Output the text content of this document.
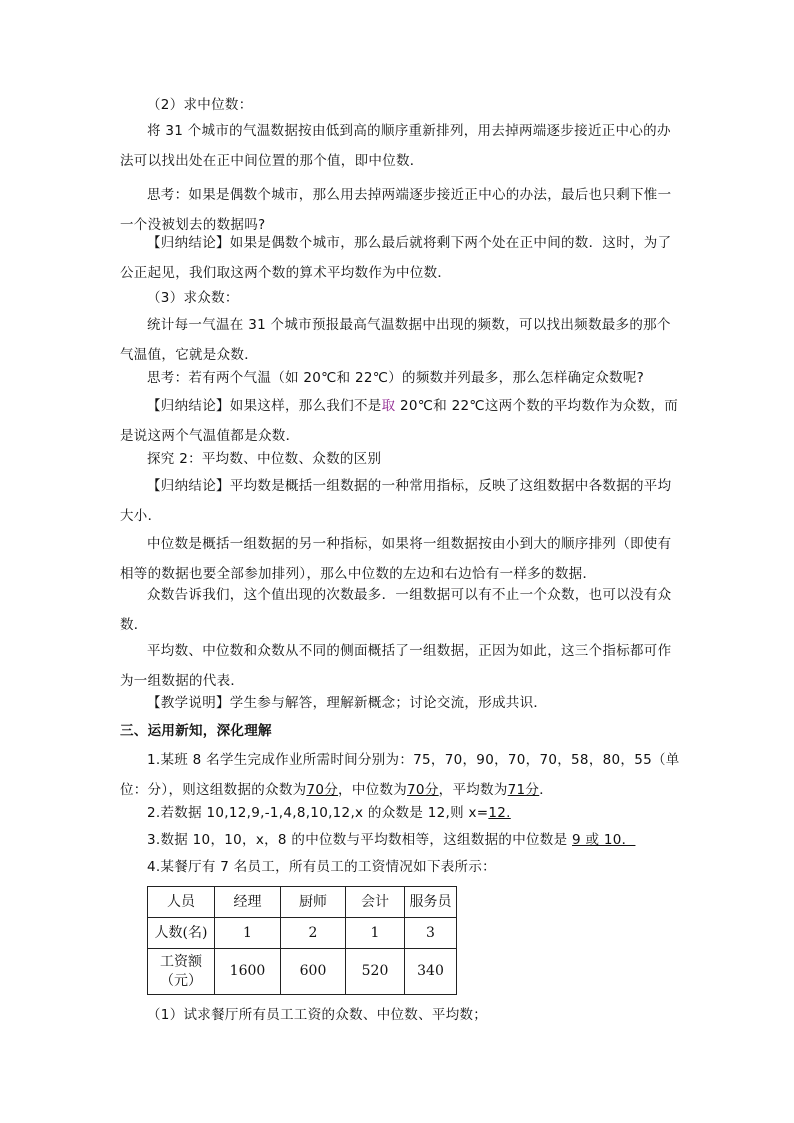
（2）求中位数：
将 31 个城市的气温数据按由低到高的顺序重新排列，用去掉两端逐步接近正中心的办法可以找出处在正中间位置的那个值，即中位数．
思考：如果是偶数个城市，那么用去掉两端逐步接近正中心的办法，最后也只剩下惟一一个没被划去的数据吗?
【归纳结论】如果是偶数个城市，那么最后就将剩下两个处在正中间的数．这时，为了公正起见，我们取这两个数的算术平均数作为中位数．
（3）求众数：
统计每一气温在 31 个城市预报最高气温数据中出现的频数，可以找出频数最多的那个气温值，它就是众数．
思考：若有两个气温（如 20℃和 22℃）的频数并列最多，那么怎样确定众数呢?
【归纳结论】如果这样，那么我们不是取 20℃和 22℃这两个数的平均数作为众数，而是说这两个气温值都是众数．
探究 2：平均数、中位数、众数的区别
【归纳结论】平均数是概括一组数据的一种常用指标，反映了这组数据中各数据的平均大小．
中位数是概括一组数据的另一种指标，如果将一组数据按由小到大的顺序排列（即使有相等的数据也要全部参加排列），那么中位数的左边和右边恰有一样多的数据．
众数告诉我们，这个值出现的次数最多．一组数据可以有不止一个众数，也可以没有众数．
平均数、中位数和众数从不同的侧面概括了一组数据，正因为如此，这三个指标都可作为一组数据的代表．
【教学说明】学生参与解答，理解新概念；讨论交流，形成共识．
三、运用新知，深化理解
1.某班 8 名学生完成作业所需时间分别为：75，70，90，70，70，58，80，55（单位：分），则这组数据的众数为70分，中位数为70分，平均数为71分．
2.若数据 10,12,9,-1,4,8,10,12,x 的众数是 12,则 x=12.
3.数据 10，10，x，8 的中位数与平均数相等，这组数据的中位数是 9 或 10．
4.某餐厅有 7 名员工，所有员工的工资情况如下表所示：
人员	经理	厨师	会计	服务员
人数(名)	1	2	1	3
工资额
（元）	1600	600	520	340
（1）试求餐厅所有员工工资的众数、中位数、平均数；
